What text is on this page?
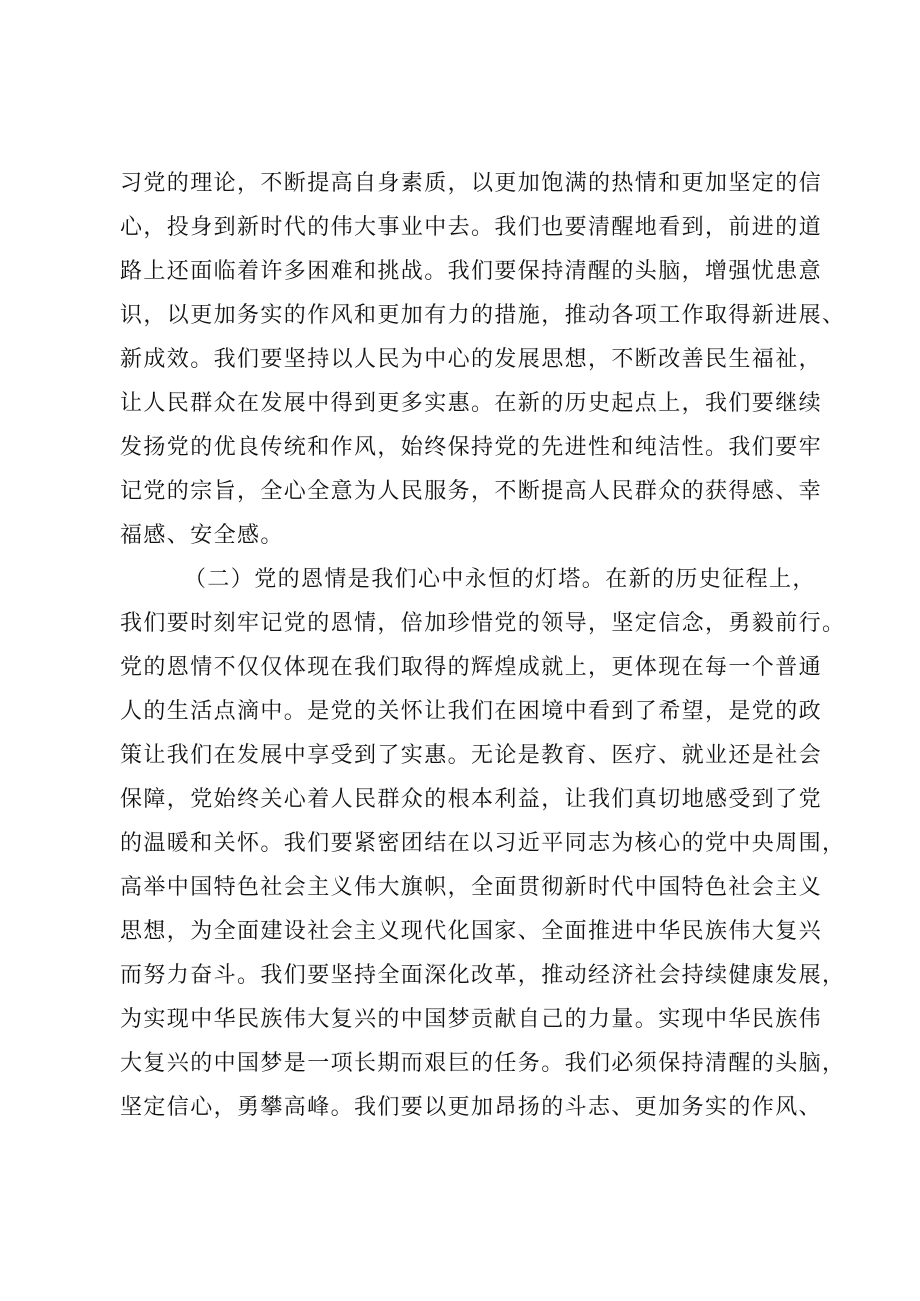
习党的理论，不断提高自身素质，以更加饱满的热情和更加坚定的信
心，投身到新时代的伟大事业中去。我们也要清醒地看到，前进的道
路上还面临着许多困难和挑战。我们要保持清醒的头脑，增强忧患意
识，以更加务实的作风和更加有力的措施，推动各项工作取得新进展、
新成效。我们要坚持以人民为中心的发展思想，不断改善民生福祉，
让人民群众在发展中得到更多实惠。在新的历史起点上，我们要继续
发扬党的优良传统和作风，始终保持党的先进性和纯洁性。我们要牢
记党的宗旨，全心全意为人民服务，不断提高人民群众的获得感、幸
福感、安全感。
（二）党的恩情是我们心中永恒的灯塔。在新的历史征程上，
我们要时刻牢记党的恩情，倍加珍惜党的领导，坚定信念，勇毅前行。
党的恩情不仅仅体现在我们取得的辉煌成就上，更体现在每一个普通
人的生活点滴中。是党的关怀让我们在困境中看到了希望，是党的政
策让我们在发展中享受到了实惠。无论是教育、医疗、就业还是社会
保障，党始终关心着人民群众的根本利益，让我们真切地感受到了党
的温暖和关怀。我们要紧密团结在以习近平同志为核心的党中央周围，
高举中国特色社会主义伟大旗帜，全面贯彻新时代中国特色社会主义
思想，为全面建设社会主义现代化国家、全面推进中华民族伟大复兴
而努力奋斗。我们要坚持全面深化改革，推动经济社会持续健康发展，
为实现中华民族伟大复兴的中国梦贡献自己的力量。实现中华民族伟
大复兴的中国梦是一项长期而艰巨的任务。我们必须保持清醒的头脑，
坚定信心，勇攀高峰。我们要以更加昂扬的斗志、更加务实的作风、
